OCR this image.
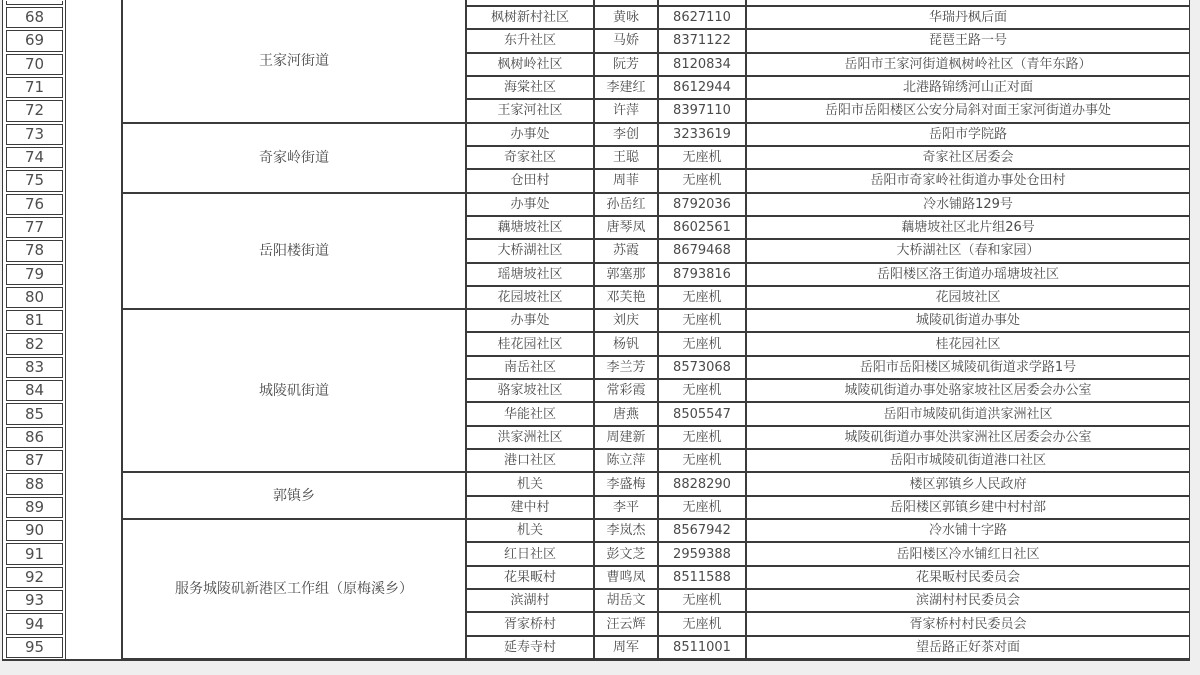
68	枫树新村社区	黄咏	8627110	华瑞丹枫后面
69	东升社区	马娇	8371122	琵琶王路一号
70	枫树岭社区	阮芳	8120834	岳阳市王家河街道枫树岭社区（青年东路）
71	海棠社区	李建红	8612944	北港路锦绣河山正对面
72	王家河社区	许萍	8397110	岳阳市岳阳楼区公安分局斜对面王家河街道办事处
王家河街道
73	办事处	李创	3233619	岳阳市学院路
74	奇家社区	王聪	无座机	奇家社区居委会
75	仓田村	周菲	无座机	岳阳市奇家岭社街道办事处仓田村
奇家岭街道
76	办事处	孙岳红	8792036	冷水铺路129号
77	藕塘坡社区	唐琴凤	8602561	藕塘坡社区北片组26号
78	大桥湖社区	苏霞	8679468	大桥湖社区（春和家园）
79	瑶塘坡社区	郭塞那	8793816	岳阳楼区洛王街道办瑶塘坡社区
80	花园坡社区	邓芙艳	无座机	花园坡社区
岳阳楼街道
81	办事处	刘庆	无座机	城陵矶街道办事处
82	桂花园社区	杨钒	无座机	桂花园社区
83	南岳社区	李兰芳	8573068	岳阳市岳阳楼区城陵矶街道求学路1号
84	骆家坡社区	常彩霞	无座机	城陵矶街道办事处骆家坡社区居委会办公室
85	华能社区	唐燕	8505547	岳阳市城陵矶街道洪家洲社区
86	洪家洲社区	周建新	无座机	城陵矶街道办事处洪家洲社区居委会办公室
87	港口社区	陈立萍	无座机	岳阳市城陵矶街道港口社区
城陵矶街道
88	机关	李盛梅	8828290	楼区郭镇乡人民政府
89	建中村	李平	无座机	岳阳楼区郭镇乡建中村村部
郭镇乡
90	机关	李岚杰	8567942	冷水铺十字路
91	红日社区	彭文芝	2959388	岳阳楼区冷水铺红日社区
92	花果畈村	曹鸣凤	8511588	花果畈村民委员会
93	滨湖村	胡岳文	无座机	滨湖村村民委员会
94	胥家桥村	汪云辉	无座机	胥家桥村村民委员会
95	延寿寺村	周军	8511001	望岳路正好茶对面
服务城陵矶新港区工作组（原梅溪乡）
